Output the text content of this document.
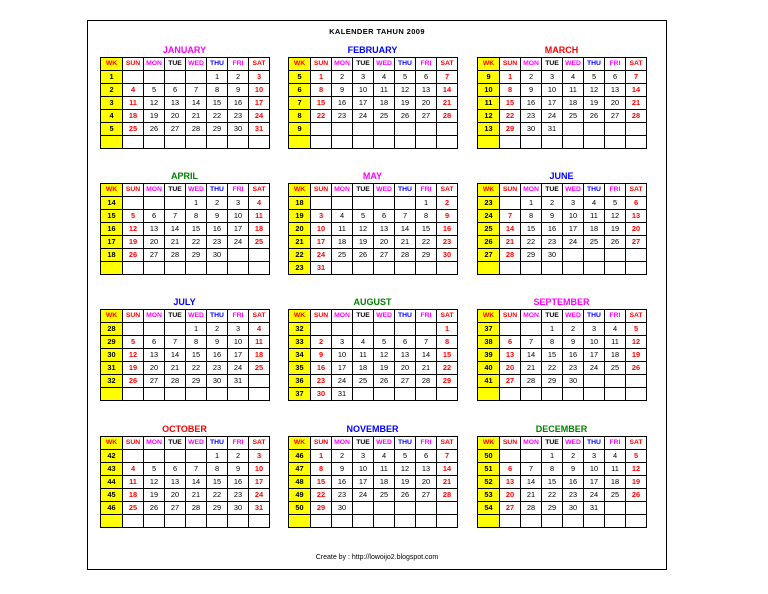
KALENDER TAHUN 2009
JANUARY
WK	SUN	MON	TUE	WED	THU	FRI	SAT
1					1	2	3
2	4	5	6	7	8	9	10
3	11	12	13	14	15	16	17
4	18	19	20	21	22	23	24
5	25	26	27	28	29	30	31

FEBRUARY
WK	SUN	MON	TUE	WED	THU	FRI	SAT
5	1	2	3	4	5	6	7
6	8	9	10	11	12	13	14
7	15	16	17	18	19	20	21
8	22	23	24	25	26	27	28
9							

MARCH
WK	SUN	MON	TUE	WED	THU	FRI	SAT
9	1	2	3	4	5	6	7
10	8	9	10	11	12	13	14
11	15	16	17	18	19	20	21
12	22	23	24	25	26	27	28
13	29	30	31				

APRIL
WK	SUN	MON	TUE	WED	THU	FRI	SAT
14				1	2	3	4
15	5	6	7	8	9	10	11
16	12	13	14	15	16	17	18
17	19	20	21	22	23	24	25
18	26	27	28	29	30		

MAY
WK	SUN	MON	TUE	WED	THU	FRI	SAT
18						1	2
19	3	4	5	6	7	8	9
20	10	11	12	13	14	15	16
21	17	18	19	20	21	22	23
22	24	25	26	27	28	29	30
23	31						
JUNE
WK	SUN	MON	TUE	WED	THU	FRI	SAT
23		1	2	3	4	5	6
24	7	8	9	10	11	12	13
25	14	15	16	17	18	19	20
26	21	22	23	24	25	26	27
27	28	29	30				

JULY
WK	SUN	MON	TUE	WED	THU	FRI	SAT
28				1	2	3	4
29	5	6	7	8	9	10	11
30	12	13	14	15	16	17	18
31	19	20	21	22	23	24	25
32	26	27	28	29	30	31	

AUGUST
WK	SUN	MON	TUE	WED	THU	FRI	SAT
32							1
33	2	3	4	5	6	7	8
34	9	10	11	12	13	14	15
35	16	17	18	19	20	21	22
36	23	24	25	26	27	28	29
37	30	31					
SEPTEMBER
WK	SUN	MON	TUE	WED	THU	FRI	SAT
37			1	2	3	4	5
38	6	7	8	9	10	11	12
39	13	14	15	16	17	18	19
40	20	21	22	23	24	25	26
41	27	28	29	30			

OCTOBER
WK	SUN	MON	TUE	WED	THU	FRI	SAT
42					1	2	3
43	4	5	6	7	8	9	10
44	11	12	13	14	15	16	17
45	18	19	20	21	22	23	24
46	25	26	27	28	29	30	31

NOVEMBER
WK	SUN	MON	TUE	WED	THU	FRI	SAT
46	1	2	3	4	5	6	7
47	8	9	10	11	12	13	14
48	15	16	17	18	19	20	21
49	22	23	24	25	26	27	28
50	29	30					

DECEMBER
WK	SUN	MON	TUE	WED	THU	FRI	SAT
50			1	2	3	4	5
51	6	7	8	9	10	11	12
52	13	14	15	16	17	18	19
53	20	21	22	23	24	25	26
54	27	28	29	30	31		

Create by : http://lowoijo2.blogspot.com
